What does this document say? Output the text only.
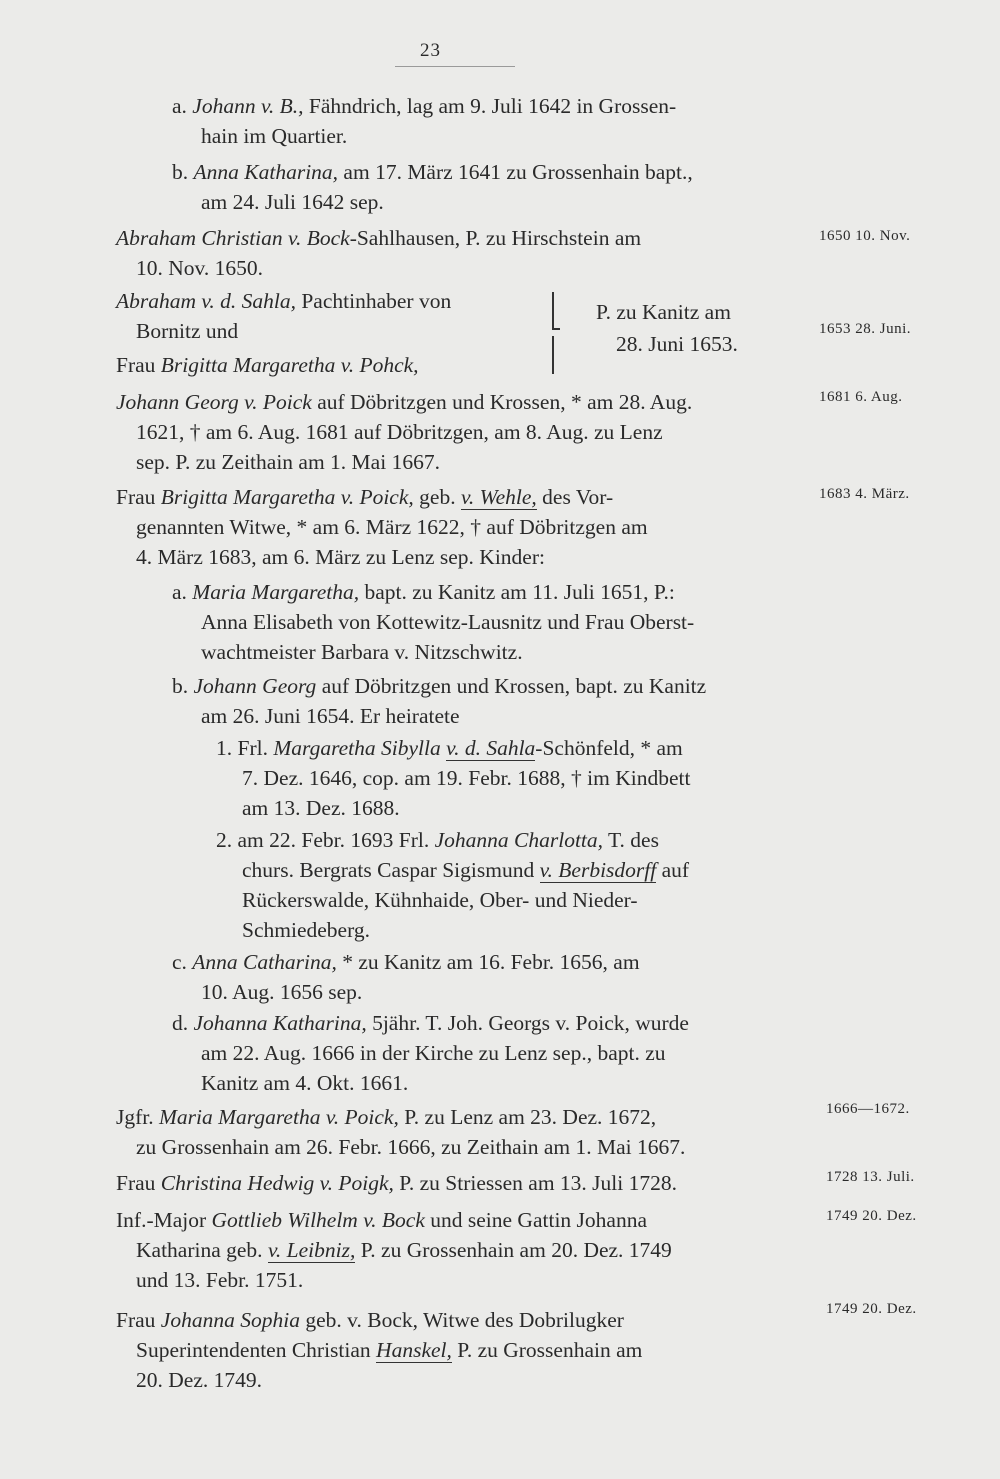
23
a. Johann v. B., Fähndrich, lag am 9. Juli 1642 in Grossen-
hain im Quartier.
b. Anna Katharina, am 17. März 1641 zu Grossenhain bapt.,
am 24. Juli 1642 sep.
Abraham Christian v. Bock-Sahlhausen, P. zu Hirschstein am
10. Nov. 1650.
Abraham v. d. Sahla, Pachtinhaber von
Bornitz und
Frau Brigitta Margaretha v. Pohck,
P. zu Kanitz am
28. Juni 1653.
Johann Georg v. Poick auf Döbritzgen und Krossen, * am 28. Aug.
1621, † am 6. Aug. 1681 auf Döbritzgen, am 8. Aug. zu Lenz
sep. P. zu Zeithain am 1. Mai 1667.
Frau Brigitta Margaretha v. Poick, geb. v. Wehle, des Vor-
genannten Witwe, * am 6. März 1622, † auf Döbritzgen am
4. März 1683, am 6. März zu Lenz sep. Kinder:
a. Maria Margaretha, bapt. zu Kanitz am 11. Juli 1651, P.:
Anna Elisabeth von Kottewitz-Lausnitz und Frau Oberst-
wachtmeister Barbara v. Nitzschwitz.
b. Johann Georg auf Döbritzgen und Krossen, bapt. zu Kanitz
am 26. Juni 1654. Er heiratete
1. Frl. Margaretha Sibylla v. d. Sahla-Schönfeld, * am
7. Dez. 1646, cop. am 19. Febr. 1688, † im Kindbett
am 13. Dez. 1688.
2. am 22. Febr. 1693 Frl. Johanna Charlotta, T. des
churs. Bergrats Caspar Sigismund v. Berbisdorff auf
Rückerswalde, Kühnhaide, Ober- und Nieder-
Schmiedeberg.
c. Anna Catharina, * zu Kanitz am 16. Febr. 1656, am
10. Aug. 1656 sep.
d. Johanna Katharina, 5jähr. T. Joh. Georgs v. Poick, wurde
am 22. Aug. 1666 in der Kirche zu Lenz sep., bapt. zu
Kanitz am 4. Okt. 1661.
Jgfr. Maria Margaretha v. Poick, P. zu Lenz am 23. Dez. 1672,
zu Grossenhain am 26. Febr. 1666, zu Zeithain am 1. Mai 1667.
Frau Christina Hedwig v. Poigk, P. zu Striessen am 13. Juli 1728.
Inf.-Major Gottlieb Wilhelm v. Bock und seine Gattin Johanna
Katharina geb. v. Leibniz, P. zu Grossenhain am 20. Dez. 1749
und 13. Febr. 1751.
Frau Johanna Sophia geb. v. Bock, Witwe des Dobrilugker
Superintendenten Christian Hanskel, P. zu Grossenhain am
20. Dez. 1749.
1650 10. Nov.
1653 28. Juni.
1681 6. Aug.
1683 4. März.
1666—1672.
1728 13. Juli.
1749 20. Dez.
1749 20. Dez.
